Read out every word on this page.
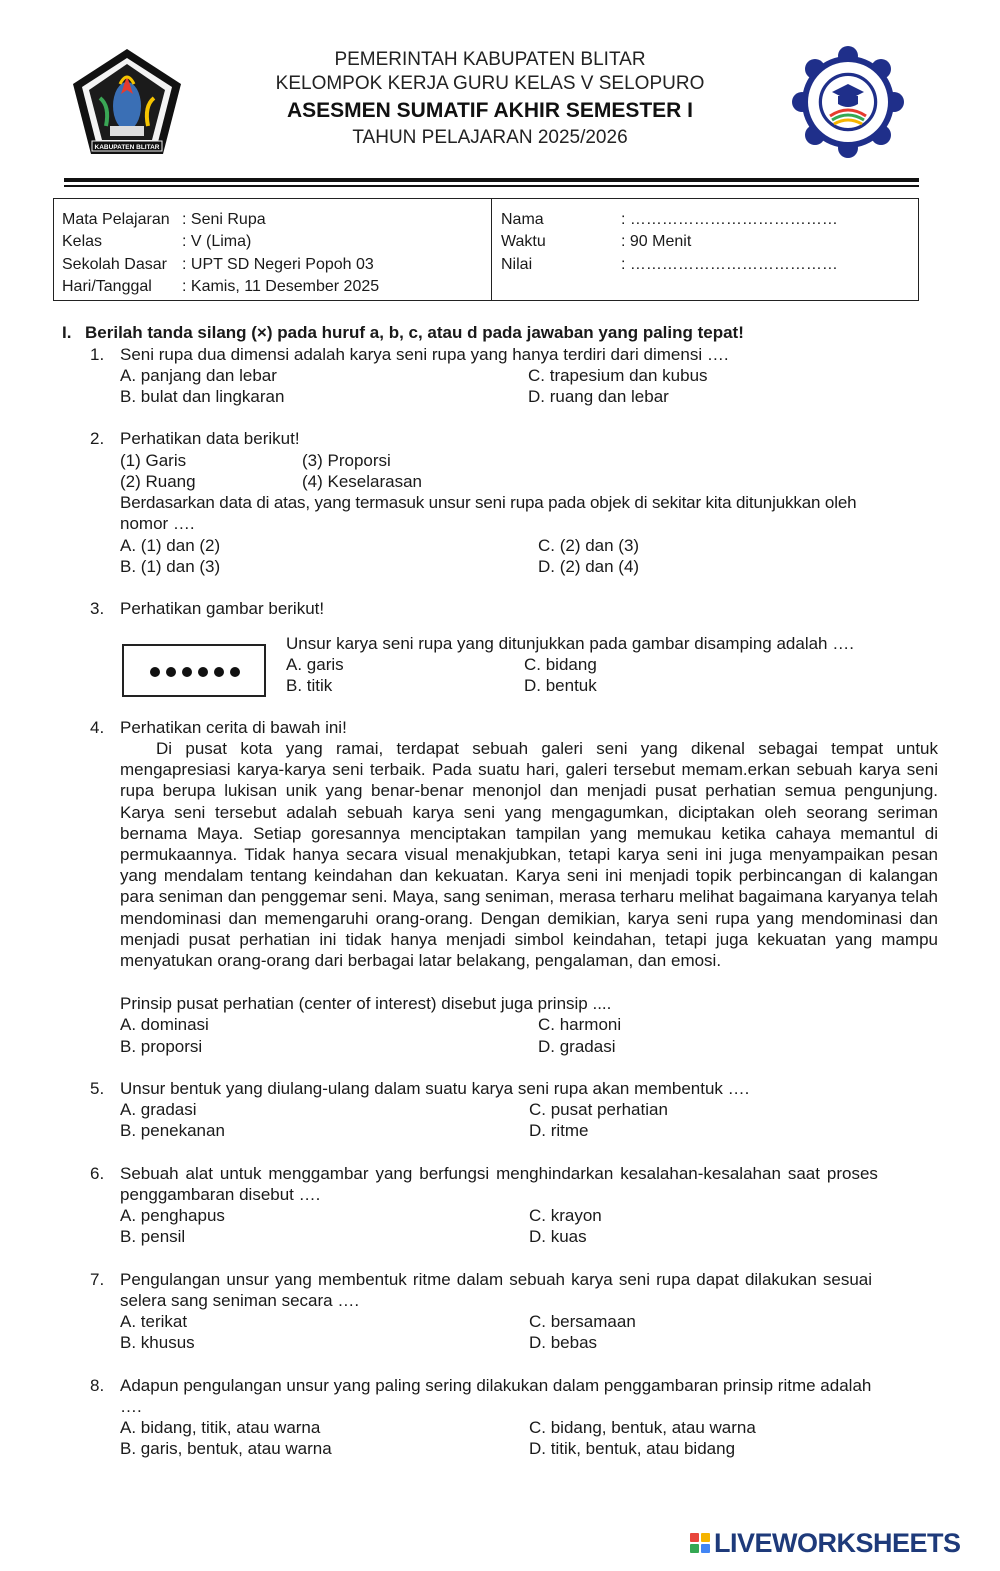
KABUPATEN BLITAR
PEMERINTAH KABUPATEN BLITAR
KELOMPOK KERJA GURU KELAS V SELOPURO
ASESMEN SUMATIF AKHIR SEMESTER I
TAHUN PELAJARAN 2025/2026
Mata Pelajaran : Seni Rupa
Kelas	: V (Lima)
Sekolah Dasar : UPT SD Negeri Popoh 03
Hari/Tanggal : Kamis, 11 Desember 2025
Nama	: …………………………………
Waktu	: 90 Menit
Nilai	: …………………………………
I. Berilah tanda silang (×) pada huruf a, b, c, atau d pada jawaban yang paling tepat!
1. Seni rupa dua dimensi adalah karya seni rupa yang hanya terdiri dari dimensi ….
A. panjang dan lebar	C. trapesium dan kubus
B. bulat dan lingkaran	D. ruang dan lebar
2. Perhatikan data berikut!
(1) Garis	(3) Proporsi
(2) Ruang	(4) Keselarasan
Berdasarkan data di atas, yang termasuk unsur seni rupa pada objek di sekitar kita ditunjukkan oleh
nomor ….
A. (1) dan (2)	C. (2) dan (3)
B. (1) dan (3)	D. (2) dan (4)
3. Perhatikan gambar berikut!
Unsur karya seni rupa yang ditunjukkan pada gambar disamping adalah ….
A. garis	C. bidang
B. titik	D. bentuk
4. Perhatikan cerita di bawah ini!
Di pusat kota yang ramai, terdapat sebuah galeri seni yang dikenal sebagai tempat untuk mengapresiasi karya-karya seni terbaik. Pada suatu hari, galeri tersebut memam.erkan sebuah karya seni rupa berupa lukisan unik yang benar-benar menonjol dan menjadi pusat perhatian semua pengunjung. Karya seni tersebut adalah sebuah karya seni yang mengagumkan, diciptakan oleh seorang seriman bernama Maya. Setiap goresannya menciptakan tampilan yang memukau ketika cahaya memantul di permukaannya. Tidak hanya secara visual menakjubkan, tetapi karya seni ini juga menyampaikan pesan yang mendalam tentang keindahan dan kekuatan. Karya seni ini menjadi topik perbincangan di kalangan para seniman dan penggemar seni. Maya, sang seniman, merasa terharu melihat bagaimana karyanya telah mendominasi dan memengaruhi orang-orang. Dengan demikian, karya seni rupa yang mendominasi dan menjadi pusat perhatian ini tidak hanya menjadi simbol keindahan, tetapi juga kekuatan yang mampu menyatukan orang-orang dari berbagai latar belakang, pengalaman, dan emosi.
Prinsip pusat perhatian (center of interest) disebut juga prinsip ....
A. dominasi	C. harmoni
B. proporsi	D. gradasi
5. Unsur bentuk yang diulang-ulang dalam suatu karya seni rupa akan membentuk ….
A. gradasi	C. pusat perhatian
B. penekanan	D. ritme
6. Sebuah alat untuk menggambar yang berfungsi menghindarkan kesalahan-kesalahan saat proses
penggambaran disebut ….
A. penghapus	C. krayon
B. pensil	D. kuas
7. Pengulangan unsur yang membentuk ritme dalam sebuah karya seni rupa dapat dilakukan sesuai
selera sang seniman secara ….
A. terikat	C. bersamaan
B. khusus	D. bebas
8. Adapun pengulangan unsur yang paling sering dilakukan dalam penggambaran prinsip ritme adalah
….
A. bidang, titik, atau warna	C. bidang, bentuk, atau warna
B. garis, bentuk, atau warna	D. titik, bentuk, atau bidang
LIVEWORKSHEETS
